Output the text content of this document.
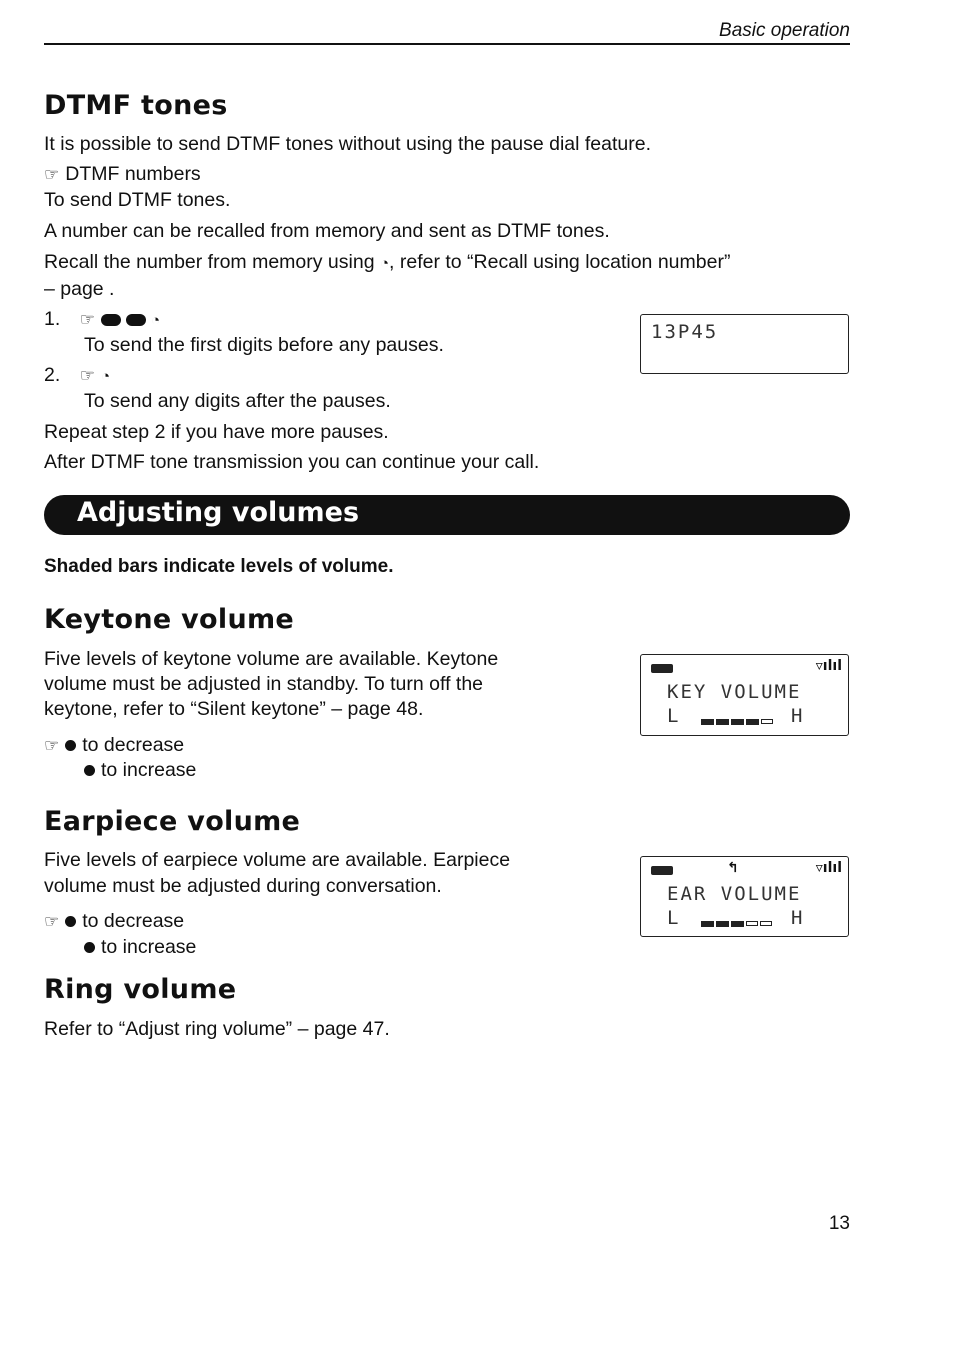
Basic operation
DTMF tones
It is possible to send DTMF tones without using the pause dial feature.
☞ DTMF numbers
To send DTMF tones.
A number can be recalled from memory and sent as DTMF tones.
Recall the number from memory using ◔, refer to “Recall using location number”
– page .
1. ☞	◔
To send the first digits before any pauses.
2. ☞ ◔
To send any digits after the pauses.
Repeat step 2 if you have more pauses.
After DTMF tone transmission you can continue your call.
13P45
Adjusting volumes
Shaded bars indicate levels of volume.
Keytone volume
Five levels of keytone volume are available. Keytone
volume must be adjusted in standby. To turn off the
keytone, refer to “Silent keytone” – page 48.
☞ to decrease
to increase
▿ılıl
KEY VOLUME
L	H
Earpiece volume
Five levels of earpiece volume are available. Earpiece
volume must be adjusted during conversation.
☞ to decrease
to increase
↰	▿ılıl
EAR VOLUME
L	H
Ring volume
Refer to “Adjust ring volume” – page 47.
13
